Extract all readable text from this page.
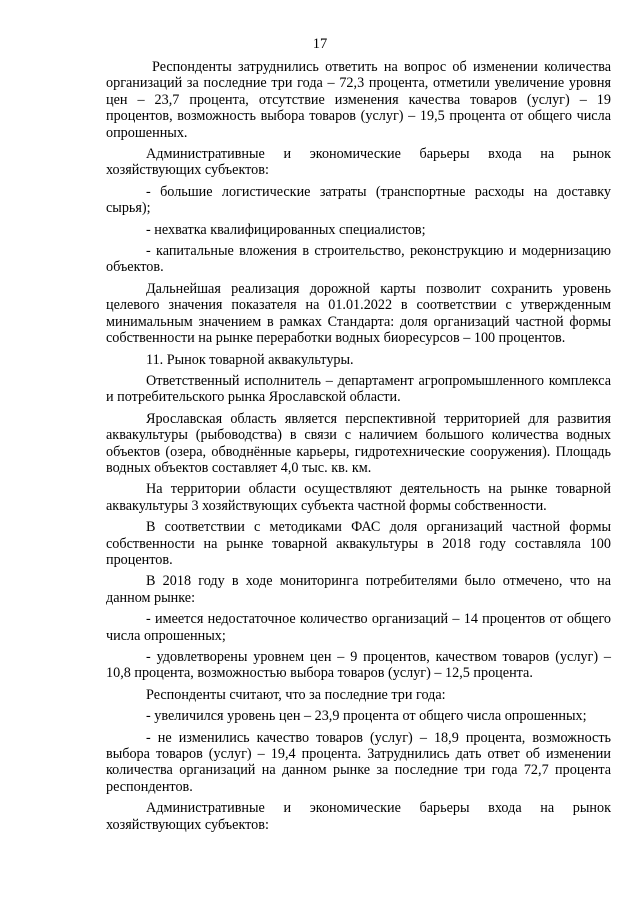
17

Респонденты затруднились ответить на вопрос об изменении количества организаций за последние три года – 72,3 процента, отметили увеличение уровня цен – 23,7 процента, отсутствие изменения качества товаров (услуг) – 19 процентов, возможность выбора товаров (услуг) – 19,5 процента от общего числа опрошенных.

Административные и экономические барьеры входа на рынок хозяйствующих субъектов:

- большие логистические затраты (транспортные расходы на доставку сырья);

- нехватка квалифицированных специалистов;

- капитальные вложения в строительство, реконструкцию и модернизацию объектов.

Дальнейшая реализация дорожной карты позволит сохранить уровень целевого значения показателя на 01.01.2022 в соответствии с утвержденным минимальным значением в рамках Стандарта: доля организаций частной формы собственности на рынке переработки водных биоресурсов – 100 процентов.

11. Рынок товарной аквакультуры.

Ответственный исполнитель – департамент агропромышленного комплекса и потребительского рынка Ярославской области.

Ярославская область является перспективной территорией для развития аквакультуры (рыбоводства) в связи с наличием большого количества водных объектов (озера, обводнённые карьеры, гидротехнические сооружения). Площадь водных объектов составляет 4,0 тыс. кв. км.

На территории области осуществляют деятельность на рынке товарной аквакультуры 3 хозяйствующих субъекта частной формы собственности.

В соответствии с методиками ФАС доля организаций частной формы собственности на рынке товарной аквакультуры в 2018 году составляла 100 процентов.

В 2018 году в ходе мониторинга потребителями было отмечено, что на данном рынке:

- имеется недостаточное количество организаций – 14 процентов от общего числа опрошенных;

- удовлетворены уровнем цен – 9 процентов, качеством товаров (услуг) – 10,8 процента, возможностью выбора товаров (услуг) – 12,5 процента.

Респонденты считают, что за последние три года:

- увеличился уровень цен – 23,9 процента от общего числа опрошенных;

- не изменились качество товаров (услуг) – 18,9 процента, возможность выбора товаров (услуг) – 19,4 процента. Затруднились дать ответ об изменении количества организаций на данном рынке за последние три года 72,7 процента респондентов.

Административные и экономические барьеры входа на рынок хозяйствующих субъектов:
